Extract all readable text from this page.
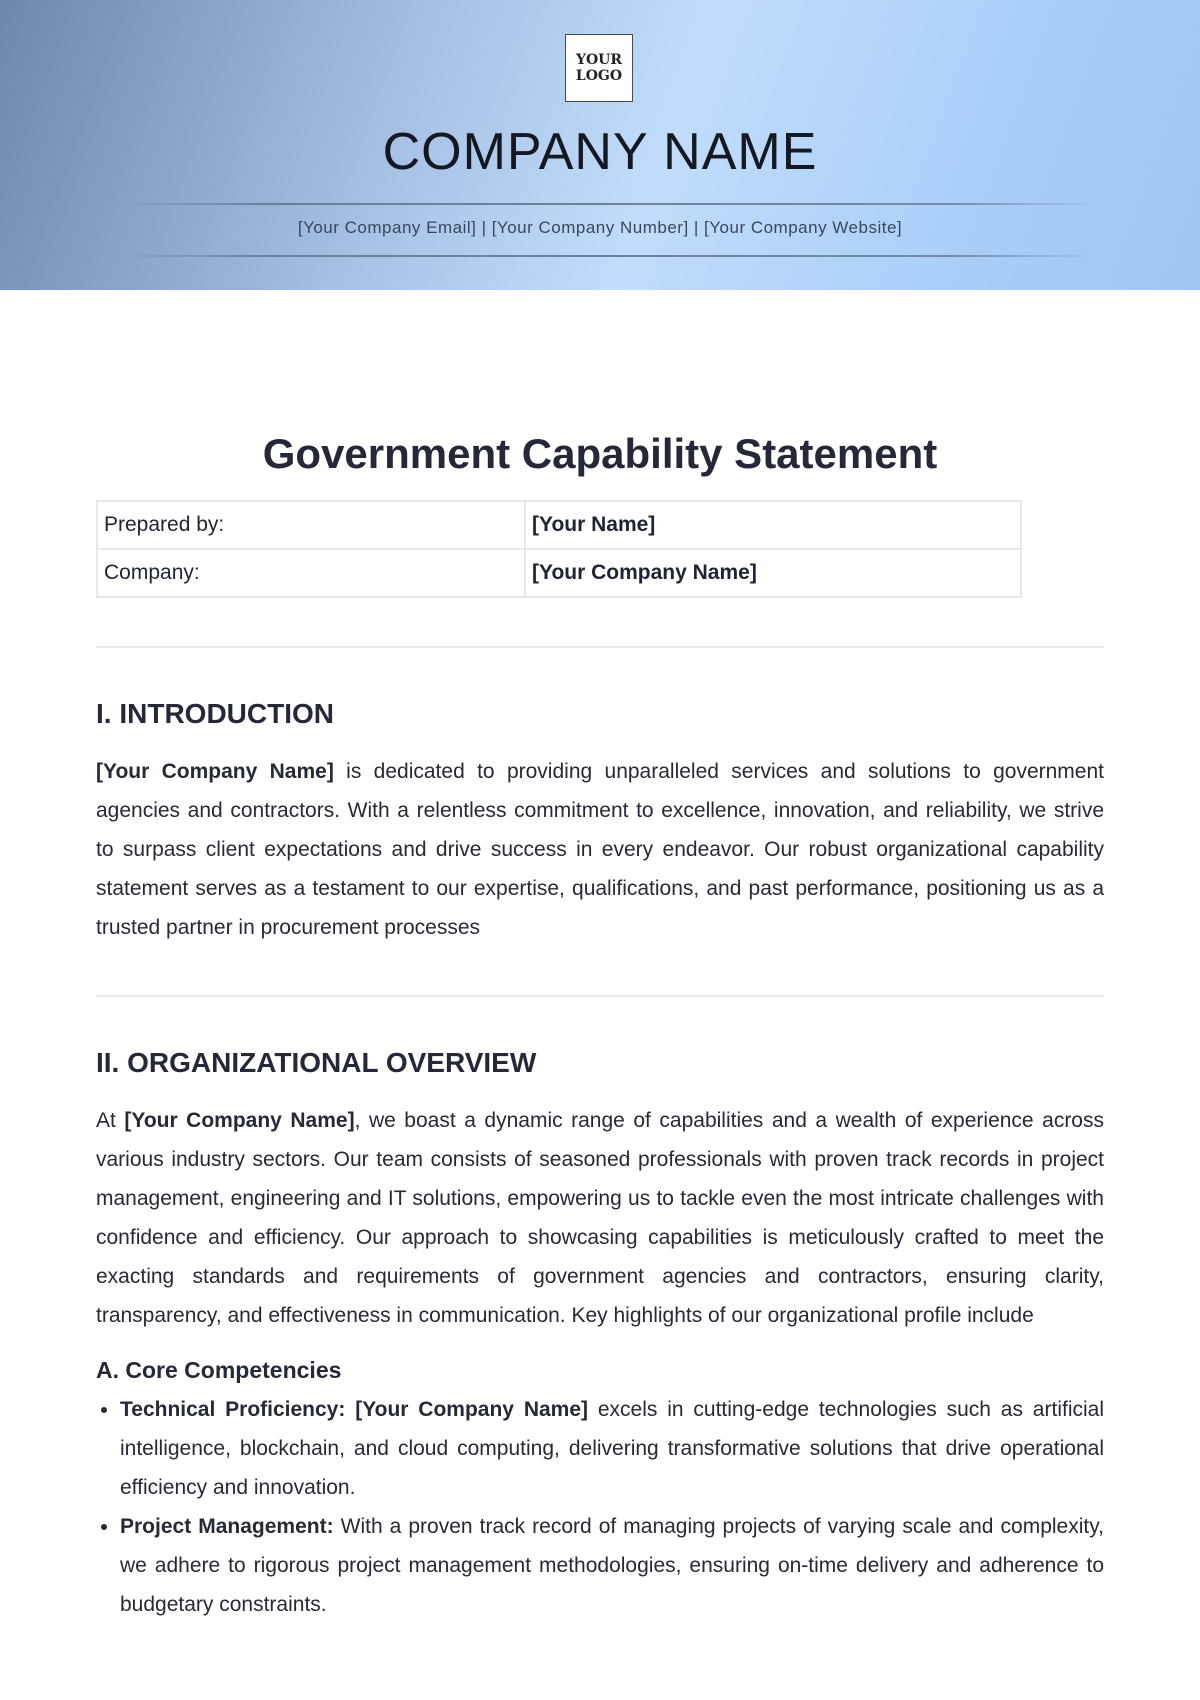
YOUR
LOGO
COMPANY NAME
[Your Company Email] | [Your Company Number] | [Your Company Website]
Government Capability Statement
Prepared by:	[Your Name]
Company:	[Your Company Name]
I. INTRODUCTION

[Your Company Name] is dedicated to providing unparalleled services and solutions to government agencies and contractors. With a relentless commitment to excellence, innovation, and reliability, we strive to surpass client expectations and drive success in every endeavor. Our robust organizational capability statement serves as a testament to our expertise, qualifications, and past performance, positioning us as a trusted partner in procurement processes

II. ORGANIZATIONAL OVERVIEW

At [Your Company Name], we boast a dynamic range of capabilities and a wealth of experience across various industry sectors. Our team consists of seasoned professionals with proven track records in project management, engineering and IT solutions, empowering us to tackle even the most intricate challenges with confidence and efficiency. Our approach to showcasing capabilities is meticulously crafted to meet the exacting standards and requirements of government agencies and contractors, ensuring clarity, transparency, and effectiveness in communication. Key highlights of our organizational profile include

A. Core Competencies
• Technical Proficiency: [Your Company Name] excels in cutting-edge technologies such as artificial intelligence, blockchain, and cloud computing, delivering transformative solutions that drive operational efficiency and innovation.
• Project Management: With a proven track record of managing projects of varying scale and complexity, we adhere to rigorous project management methodologies, ensuring on-time delivery and adherence to budgetary constraints.
